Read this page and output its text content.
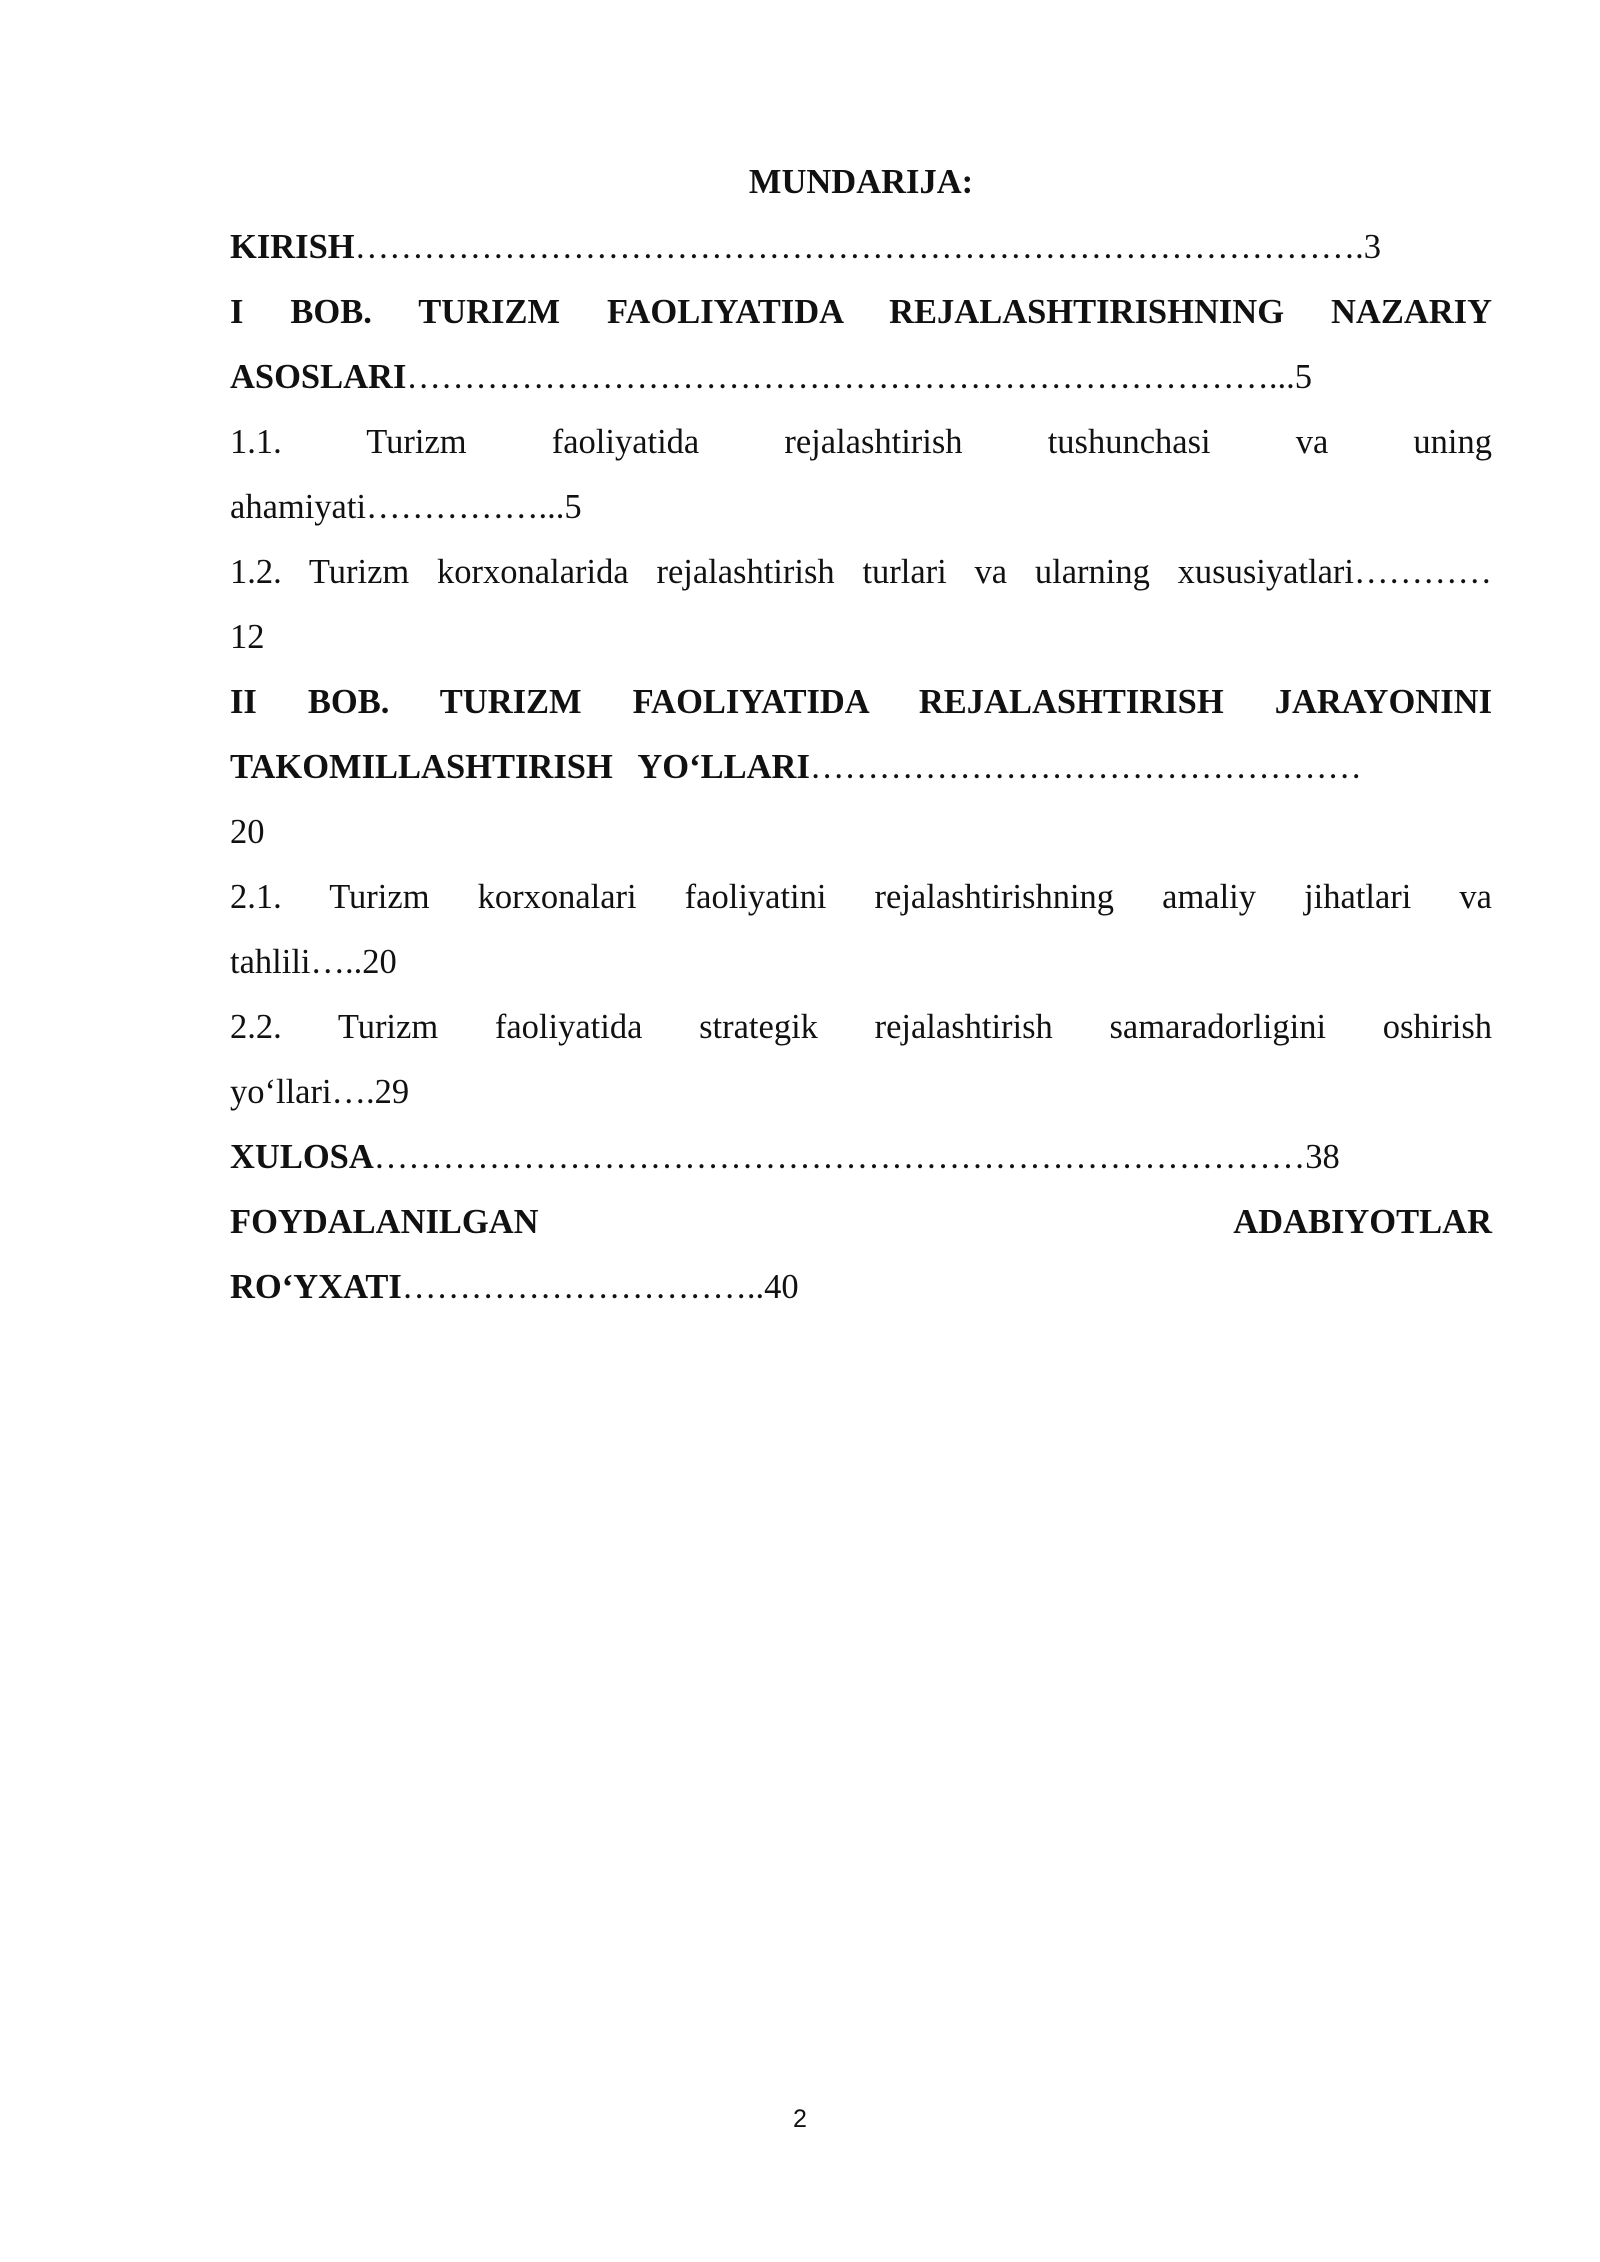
MUNDARIJA:
KIRISH…………………………………………………………………………….3
I BOB. TURIZM FAOLIYATIDA REJALASHTIRISHNING NAZARIY
ASOSLARI…………………………………………………………………...5
1.1. Turizm faoliyatida rejalashtirish tushunchasi va uning
ahamiyati……………...5
1.2. Turizm korxonalarida rejalashtirish turlari va ularning xususiyatlari…………
12
II BOB. TURIZM FAOLIYATIDA REJALASHTIRISH JARAYONINI
TAKOMILLASHTIRISH   YO‘LLARI…………………………………………
20
2.1. Turizm korxonalari faoliyatini rejalashtirishning amaliy jihatlari va
tahlili…..20
2.2. Turizm faoliyatida strategik rejalashtirish samaradorligini oshirish
yo‘llari….29
XULOSA………………………………………………………………………38
FOYDALANILGAN ADABIYOTLAR
RO‘YXATI…………………………..40
2
